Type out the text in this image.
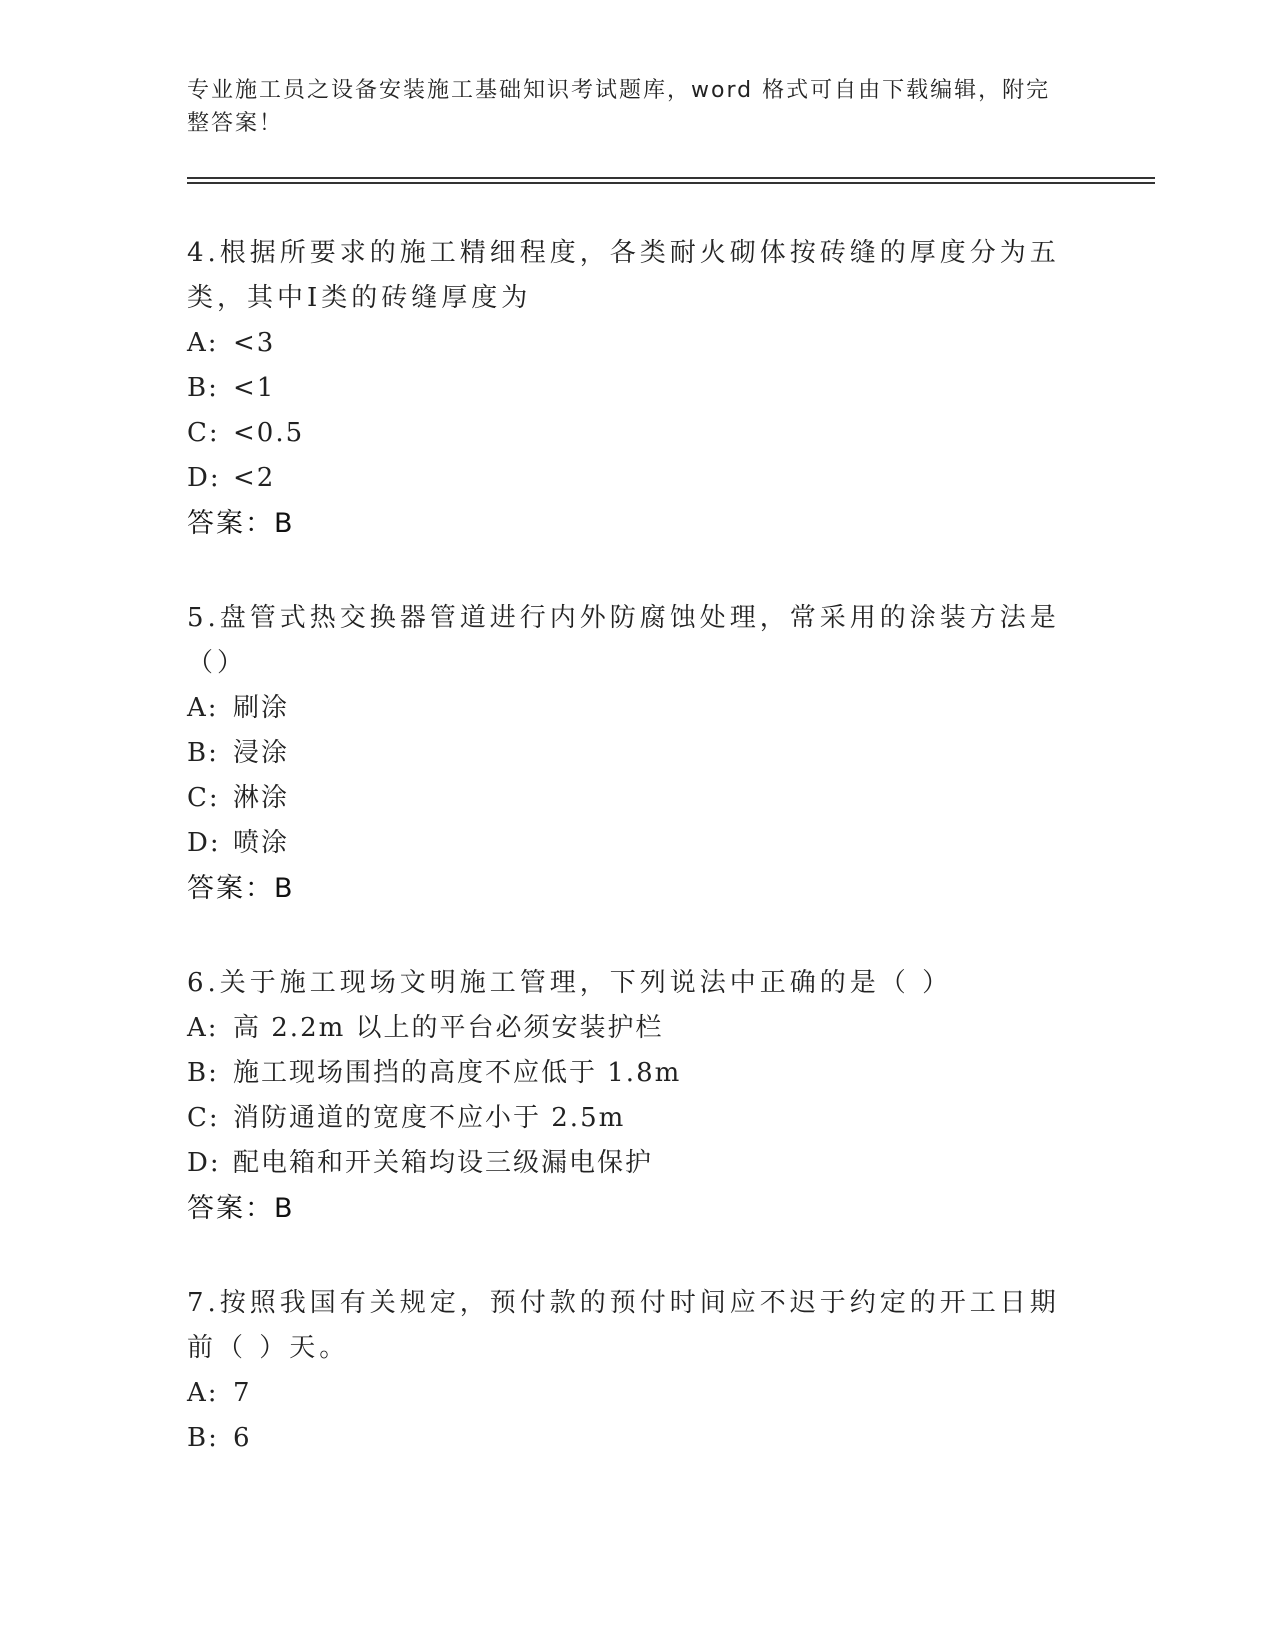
专业施工员之设备安装施工基础知识考试题库，word 格式可自由下载编辑，附完整答案！

4.根据所要求的施工精细程度，各类耐火砌体按砖缝的厚度分为五类，其中Ⅰ类的砖缝厚度为

A: <3

B: <1

C: <0.5

D: <2

答案：B

5.盘管式热交换器管道进行内外防腐蚀处理，常采用的涂装方法是（）

A: 刷涂

B: 浸涂

C: 淋涂

D: 喷涂

答案：B

6.关于施工现场文明施工管理，下列说法中正确的是（ ）

A: 高 2.2m 以上的平台必须安装护栏

B: 施工现场围挡的高度不应低于 1.8m

C: 消防通道的宽度不应小于 2.5m

D: 配电箱和开关箱均设三级漏电保护

答案：B

7.按照我国有关规定，预付款的预付时间应不迟于约定的开工日期前（ ）天。

A: 7

B: 6
